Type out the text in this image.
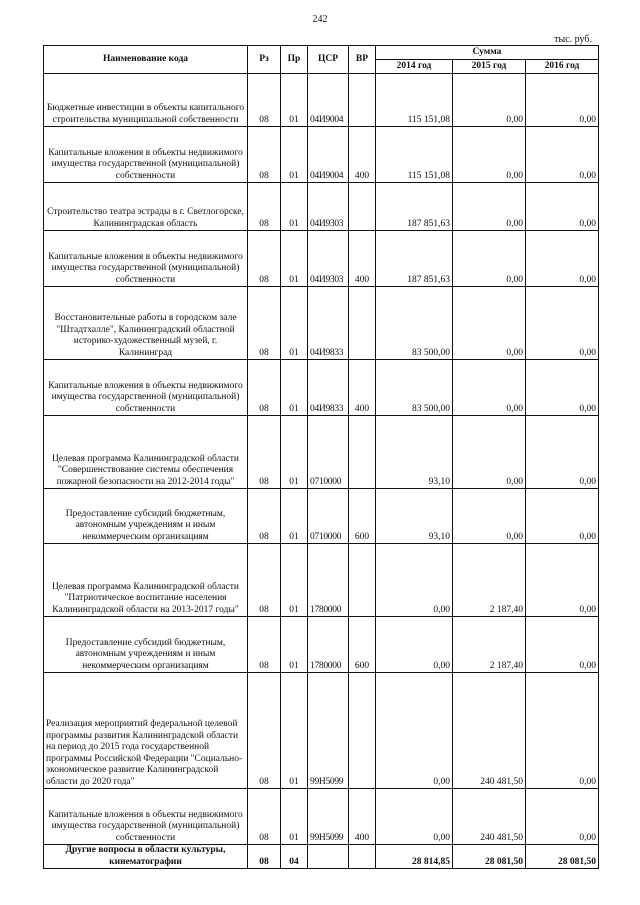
242
тыс. руб.
Наименование кода	Рз	Пр	ЦСР	ВР	Сумма		
					2014 год	2015 год	2016 год
Бюджетные инвестиции в объекты капитального строительства муниципальной собственности	08	01	04И9004		115 151,08	0,00	0,00
Капитальные вложения в объекты недвижимого имущества государственной (муниципальной) собственности	08	01	04И9004	400	115 151,08	0,00	0,00
Строительство театра эстрады в г. Светлогорске, Калининградская область	08	01	04И9303		187 851,63	0,00	0,00
Капитальные вложения в объекты недвижимого имущества государственной (муниципальной) собственности	08	01	04И9303	400	187 851,63	0,00	0,00
Восстановительные работы в городском зале "Штадтхалле", Калининградский областной историко-художественный музей, г. Калининград	08	01	04И9833		83 500,00	0,00	0,00
Капитальные вложения в объекты недвижимого имущества государственной (муниципальной) собственности	08	01	04И9833	400	83 500,00	0,00	0,00
Целевая программа Калининградской области "Совершенствование системы обеспечения пожарной безопасности на 2012-2014 годы"	08	01	0710000		93,10	0,00	0,00
Предоставление субсидий бюджетным, автономным учреждениям и иным некоммерческим организациям	08	01	0710000	600	93,10	0,00	0,00
Целевая программа Калининградской области "Патриотическое воспитание населения Калининградской области на 2013-2017 годы"	08	01	1780000		0,00	2 187,40	0,00
Предоставление субсидий бюджетным, автономным учреждениям и иным некоммерческим организациям	08	01	1780000	600	0,00	2 187,40	0,00
Реализация мероприятий федеральной целевой программы развития Калининградской области на период до 2015 года государственной программы Российской Федерации "Социально-экономическое развитие Калининградской области до 2020 года"	08	01	99Н5099		0,00	240 481,50	0,00
Капитальные вложения в объекты недвижимого имущества государственной (муниципальной) собственности	08	01	99Н5099	400	0,00	240 481,50	0,00
Другие вопросы в области культуры, кинематографии	08	04			28 814,85	28 081,50	28 081,50
